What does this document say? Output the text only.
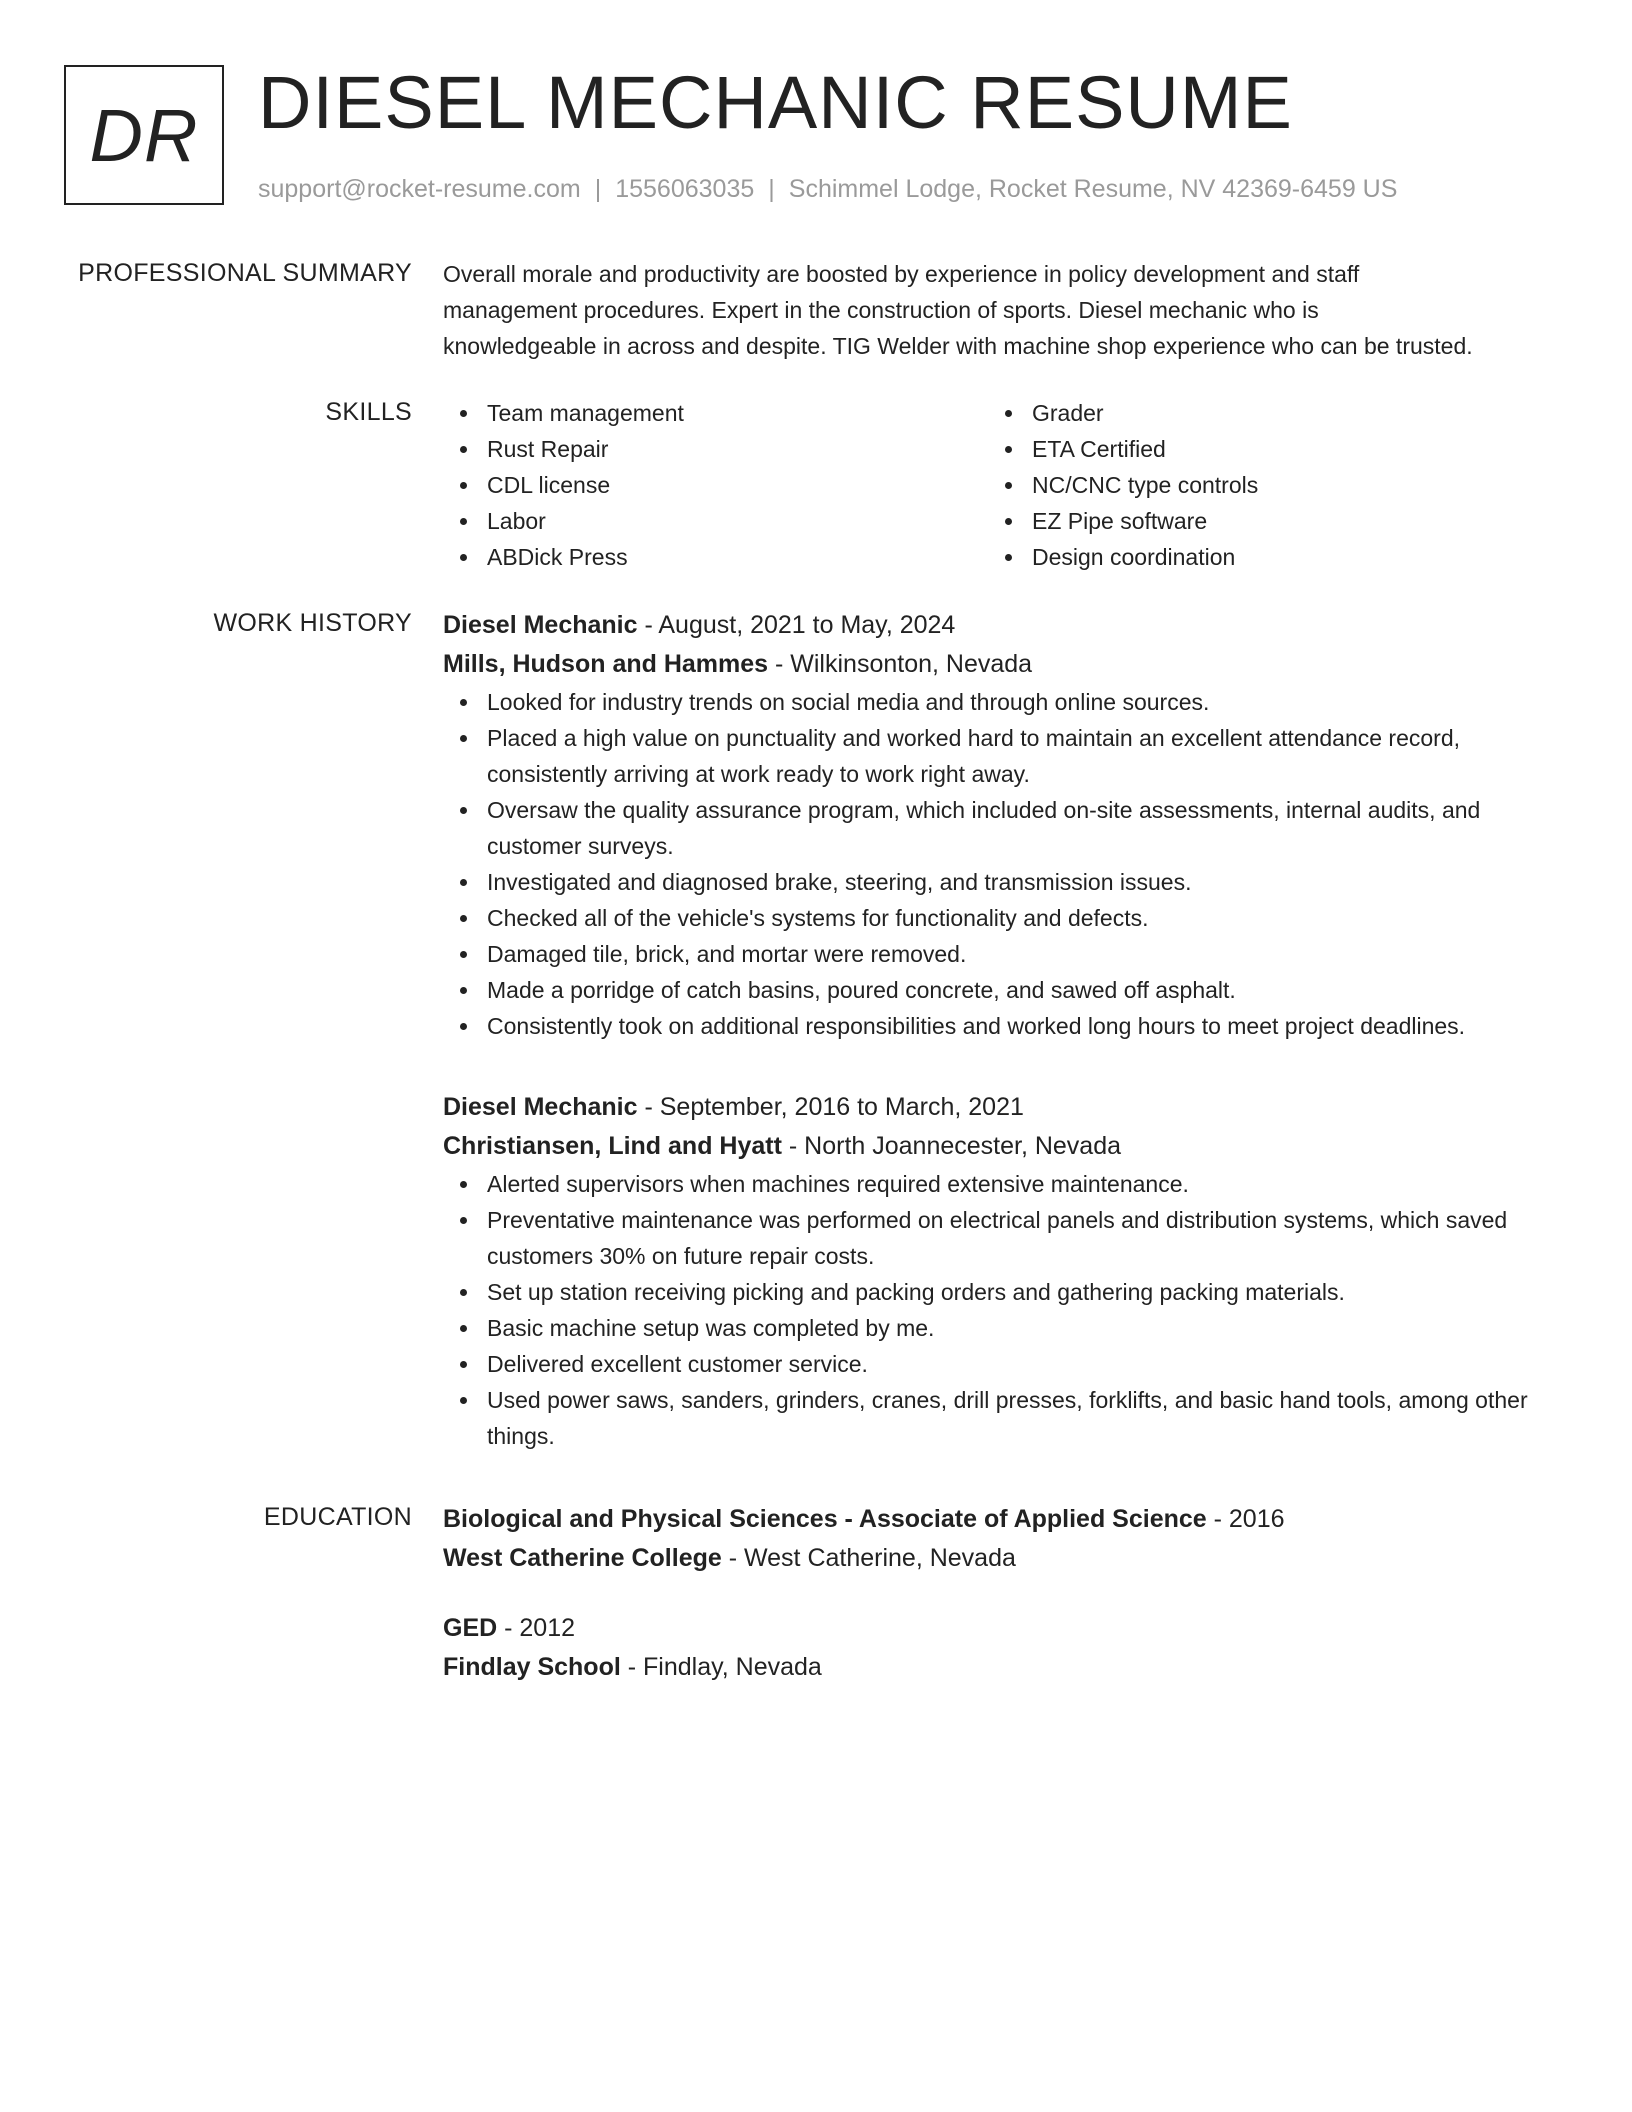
DR DIESEL MECHANIC RESUME
support@rocket-resume.com | 1556063035 | Schimmel Lodge, Rocket Resume, NV 42369-6459 US
PROFESSIONAL SUMMARY Overall morale and productivity are boosted by experience in policy development and staff
management procedures. Expert in the construction of sports. Diesel mechanic who is
knowledgeable in across and despite. TIG Welder with machine shop experience who can be trusted.

SKILLS	Team management
Rust Repair
CDL license
Labor
ABDick Press
Grader
ETA Certified
NC/CNC type controls
EZ Pipe software
Design coordination
WORK HISTORY Diesel Mechanic - August, 2021 to May, 2024
Mills, Hudson and Hammes - Wilkinsonton, Nevada
Looked for industry trends on social media and through online sources.
Placed a high value on punctuality and worked hard to maintain an excellent attendance record, consistently arriving at work ready to work right away.
Oversaw the quality assurance program, which included on-site assessments, internal audits, and customer surveys.
Investigated and diagnosed brake, steering, and transmission issues.
Checked all of the vehicle's systems for functionality and defects.
Damaged tile, brick, and mortar were removed.
Made a porridge of catch basins, poured concrete, and sawed off asphalt.
Consistently took on additional responsibilities and worked long hours to meet project deadlines.
Diesel Mechanic - September, 2016 to March, 2021
Christiansen, Lind and Hyatt - North Joannecester, Nevada
Alerted supervisors when machines required extensive maintenance.
Preventative maintenance was performed on electrical panels and distribution systems, which saved customers 30% on future repair costs.
Set up station receiving picking and packing orders and gathering packing materials.
Basic machine setup was completed by me.
Delivered excellent customer service.
Used power saws, sanders, grinders, cranes, drill presses, forklifts, and basic hand tools, among other things.
EDUCATION Biological and Physical Sciences - Associate of Applied Science - 2016
West Catherine College - West Catherine, Nevada
GED - 2012
Findlay School - Findlay, Nevada
